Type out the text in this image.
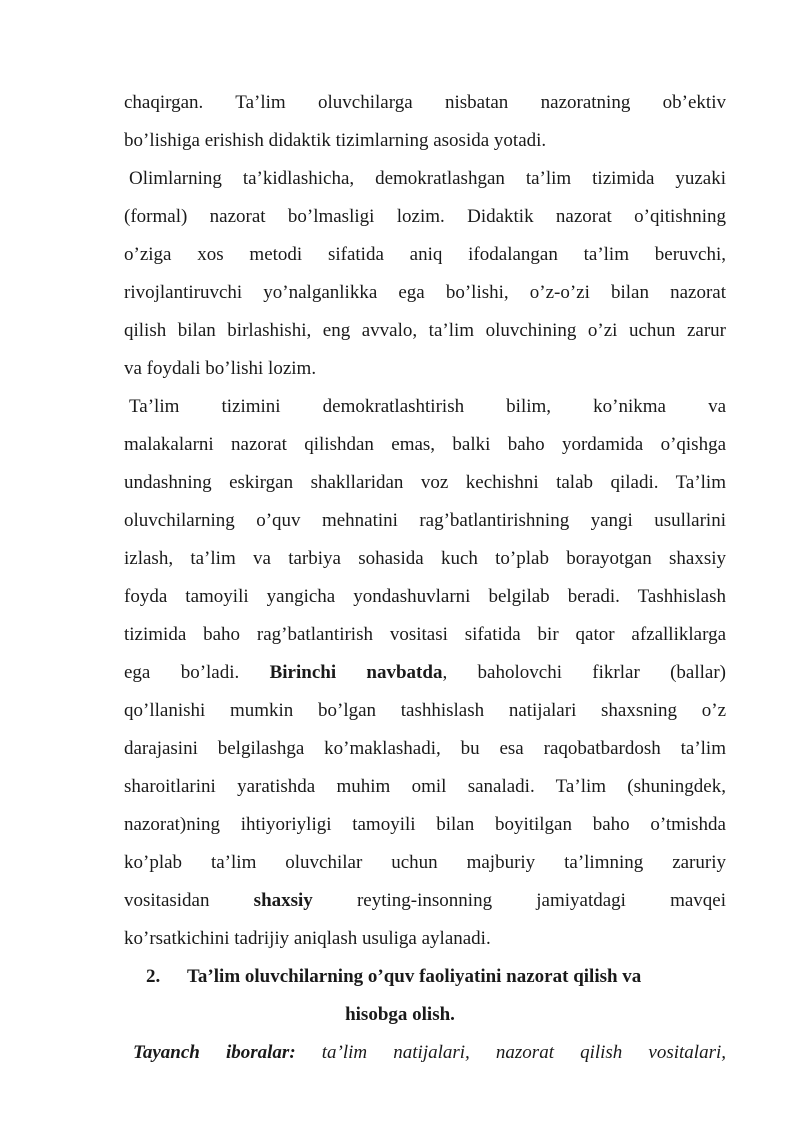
chaqirgan. Ta’lim oluvchilarga nisbatan nazoratning ob’ektiv
bo’lishiga erishish didaktik tizimlarning asosida yotadi.
Olimlarning ta’kidlashicha, demokratlashgan ta’lim tizimida yuzaki
(formal) nazorat bo’lmasligi lozim. Didaktik nazorat o’qitishning
o’ziga xos metodi sifatida aniq ifodalangan ta’lim beruvchi,
rivojlantiruvchi yo’nalganlikka ega bo’lishi, o’z-o’zi bilan nazorat
qilish bilan birlashishi, eng avvalo, ta’lim oluvchining o’zi uchun zarur
va foydali bo’lishi lozim.
Ta’lim tizimini demokratlashtirish bilim, ko’nikma va
malakalarni nazorat qilishdan emas, balki baho yordamida o’qishga
undashning eskirgan shakllaridan voz kechishni talab qiladi. Ta’lim
oluvchilarning o’quv mehnatini rag’batlantirishning yangi usullarini
izlash, ta’lim va tarbiya sohasida kuch to’plab borayotgan shaxsiy
foyda tamoyili yangicha yondashuvlarni belgilab beradi. Tashhislash
tizimida baho rag’batlantirish vositasi sifatida bir qator afzalliklarga
ega bo’ladi. Birinchi navbatda, baholovchi fikrlar (ballar)
qo’llanishi mumkin bo’lgan tashhislash natijalari shaxsning o’z
darajasini belgilashga ko’maklashadi, bu esa raqobatbardosh ta’lim
sharoitlarini yaratishda muhim omil sanaladi. Ta’lim (shuningdek,
nazorat)ning ihtiyoriyligi tamoyili bilan boyitilgan baho o’tmishda
ko’plab ta’lim oluvchilar uchun majburiy ta’limning zaruriy
vositasidan shaxsiy reyting-insonning jamiyatdagi mavqei
ko’rsatkichini tadrijiy aniqlash usuliga aylanadi.
2. Ta’lim oluvchilarning o’quv faoliyatini nazorat qilish va
hisobga olish.
Tayanch iboralar: ta’lim natijalari, nazorat qilish vositalari,
